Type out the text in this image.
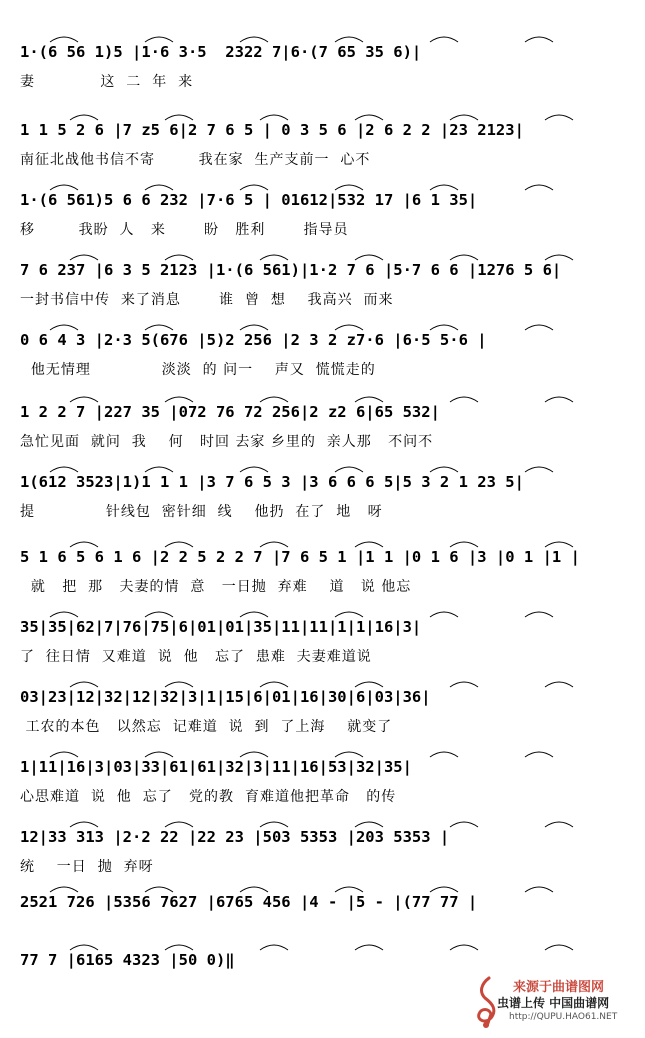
1·(6 56 1)5 |1·6 3·5  2322 7|6·(7 65 35 6)|
妻            这  二  年  来
1 1 5 2 6 |7 z5 6|2 7 6 5 | 0 3 5 6 |2 6 2 2 |23 2123|
南征北战他书信不寄        我在家  生产支前一  心不
1·(6 561)5 6 6 232 |7·6 5 | 01612|532 17 |6 1 35|
移        我盼  人   来       盼   胜利       指导员
7 6 237 |6 3 5 2123 |1·(6 561)|1·2 7 6 |5·7 6 6 |1276 5 6|
一封书信中传  来了消息       谁  曾  想    我高兴  而来
0 6 4 3 |2·3 5(676 |5)2 256 |2 3 2 z7·6 |6·5 5·6 |
他无情理             淡淡  的 问一    声又  慌慌走的
1 2 2 7 |227 35 |072 76 72 256|2 z2 6|65 532|
急忙见面  就问  我    何   时回 去家 乡里的  亲人那   不问不
1(612 3523|1)1 1 1 |3 7 6 5 3 |3 6 6 6 5|5 3 2 1 23 5|
提             针线包  密针细  线    他扔  在了  地   呀
5 1 6 5 6 1 6 |2 2 5 2 2 7 |7 6 5 1 |1 1 |0 1 6 |3 |0 1 |1 |
就   把  那   夫妻的情  意   一日抛  弃难    道   说 他忘
35|35|62|7|76|75|6|01|01|35|11|11|1|1|16|3|
了  往日情  又难道  说  他   忘了  患难  夫妻难道说
03|23|12|32|12|32|3|1|15|6|01|16|30|6|03|36|
工农的本色   以然忘  记难道  说  到  了上海    就变了
1|11|16|3|03|33|61|61|32|3|11|16|53|32|35|
心思难道  说  他  忘了   党的教  育难道他把革命   的传
12|33 313 |2·2 22 |22 23 |503 5353 |203 5353 |
统    一日  抛  弃呀
2521 726 |5356 7627 |6765 456 |4 - |5 - |(77 77 |
77 7 |6165 4323 |50 0)‖
来源于曲谱图网
虫谱上传 中国曲谱网
http://QUPU.HAO61.NET
